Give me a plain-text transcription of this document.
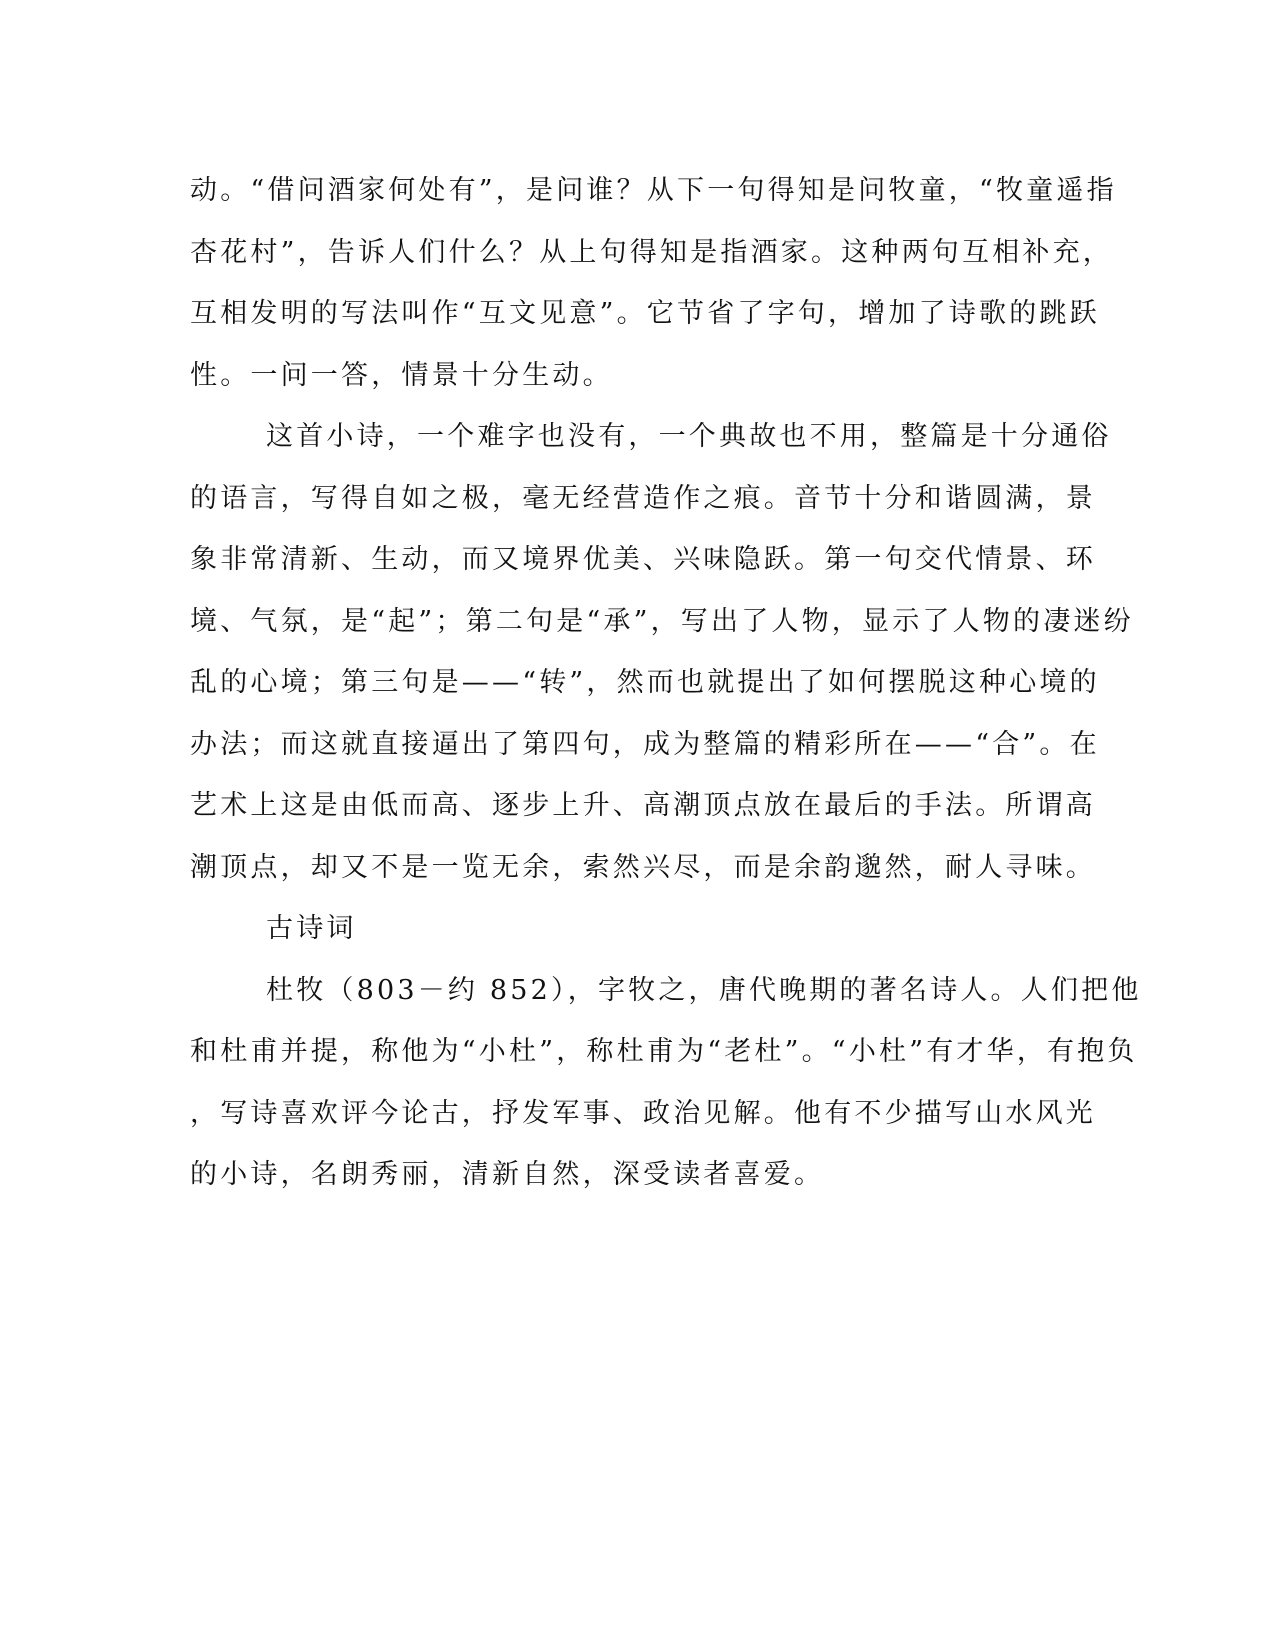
动。“借问酒家何处有”，是问谁？从下一句得知是问牧童，“牧童遥指
杏花村”，告诉人们什么？从上句得知是指酒家。这种两句互相补充，
互相发明的写法叫作“互文见意”。它节省了字句，增加了诗歌的跳跃
性。一问一答，情景十分生动。

这首小诗，一个难字也没有，一个典故也不用，整篇是十分通俗
的语言，写得自如之极，毫无经营造作之痕。音节十分和谐圆满，景
象非常清新、生动，而又境界优美、兴味隐跃。第一句交代情景、环
境、气氛，是“起”；第二句是“承”，写出了人物，显示了人物的凄迷纷
乱的心境；第三句是——“转”，然而也就提出了如何摆脱这种心境的
办法；而这就直接逼出了第四句，成为整篇的精彩所在——“合”。在
艺术上这是由低而高、逐步上升、高潮顶点放在最后的手法。所谓高
潮顶点，却又不是一览无余，索然兴尽，而是余韵邈然，耐人寻味。

古诗词

杜牧（803－约 852），字牧之，唐代晚期的著名诗人。人们把他
和杜甫并提，称他为“小杜”，称杜甫为“老杜”。“小杜”有才华，有抱负
，写诗喜欢评今论古，抒发军事、政治见解。他有不少描写山水风光
的小诗，名朗秀丽，清新自然，深受读者喜爱。
